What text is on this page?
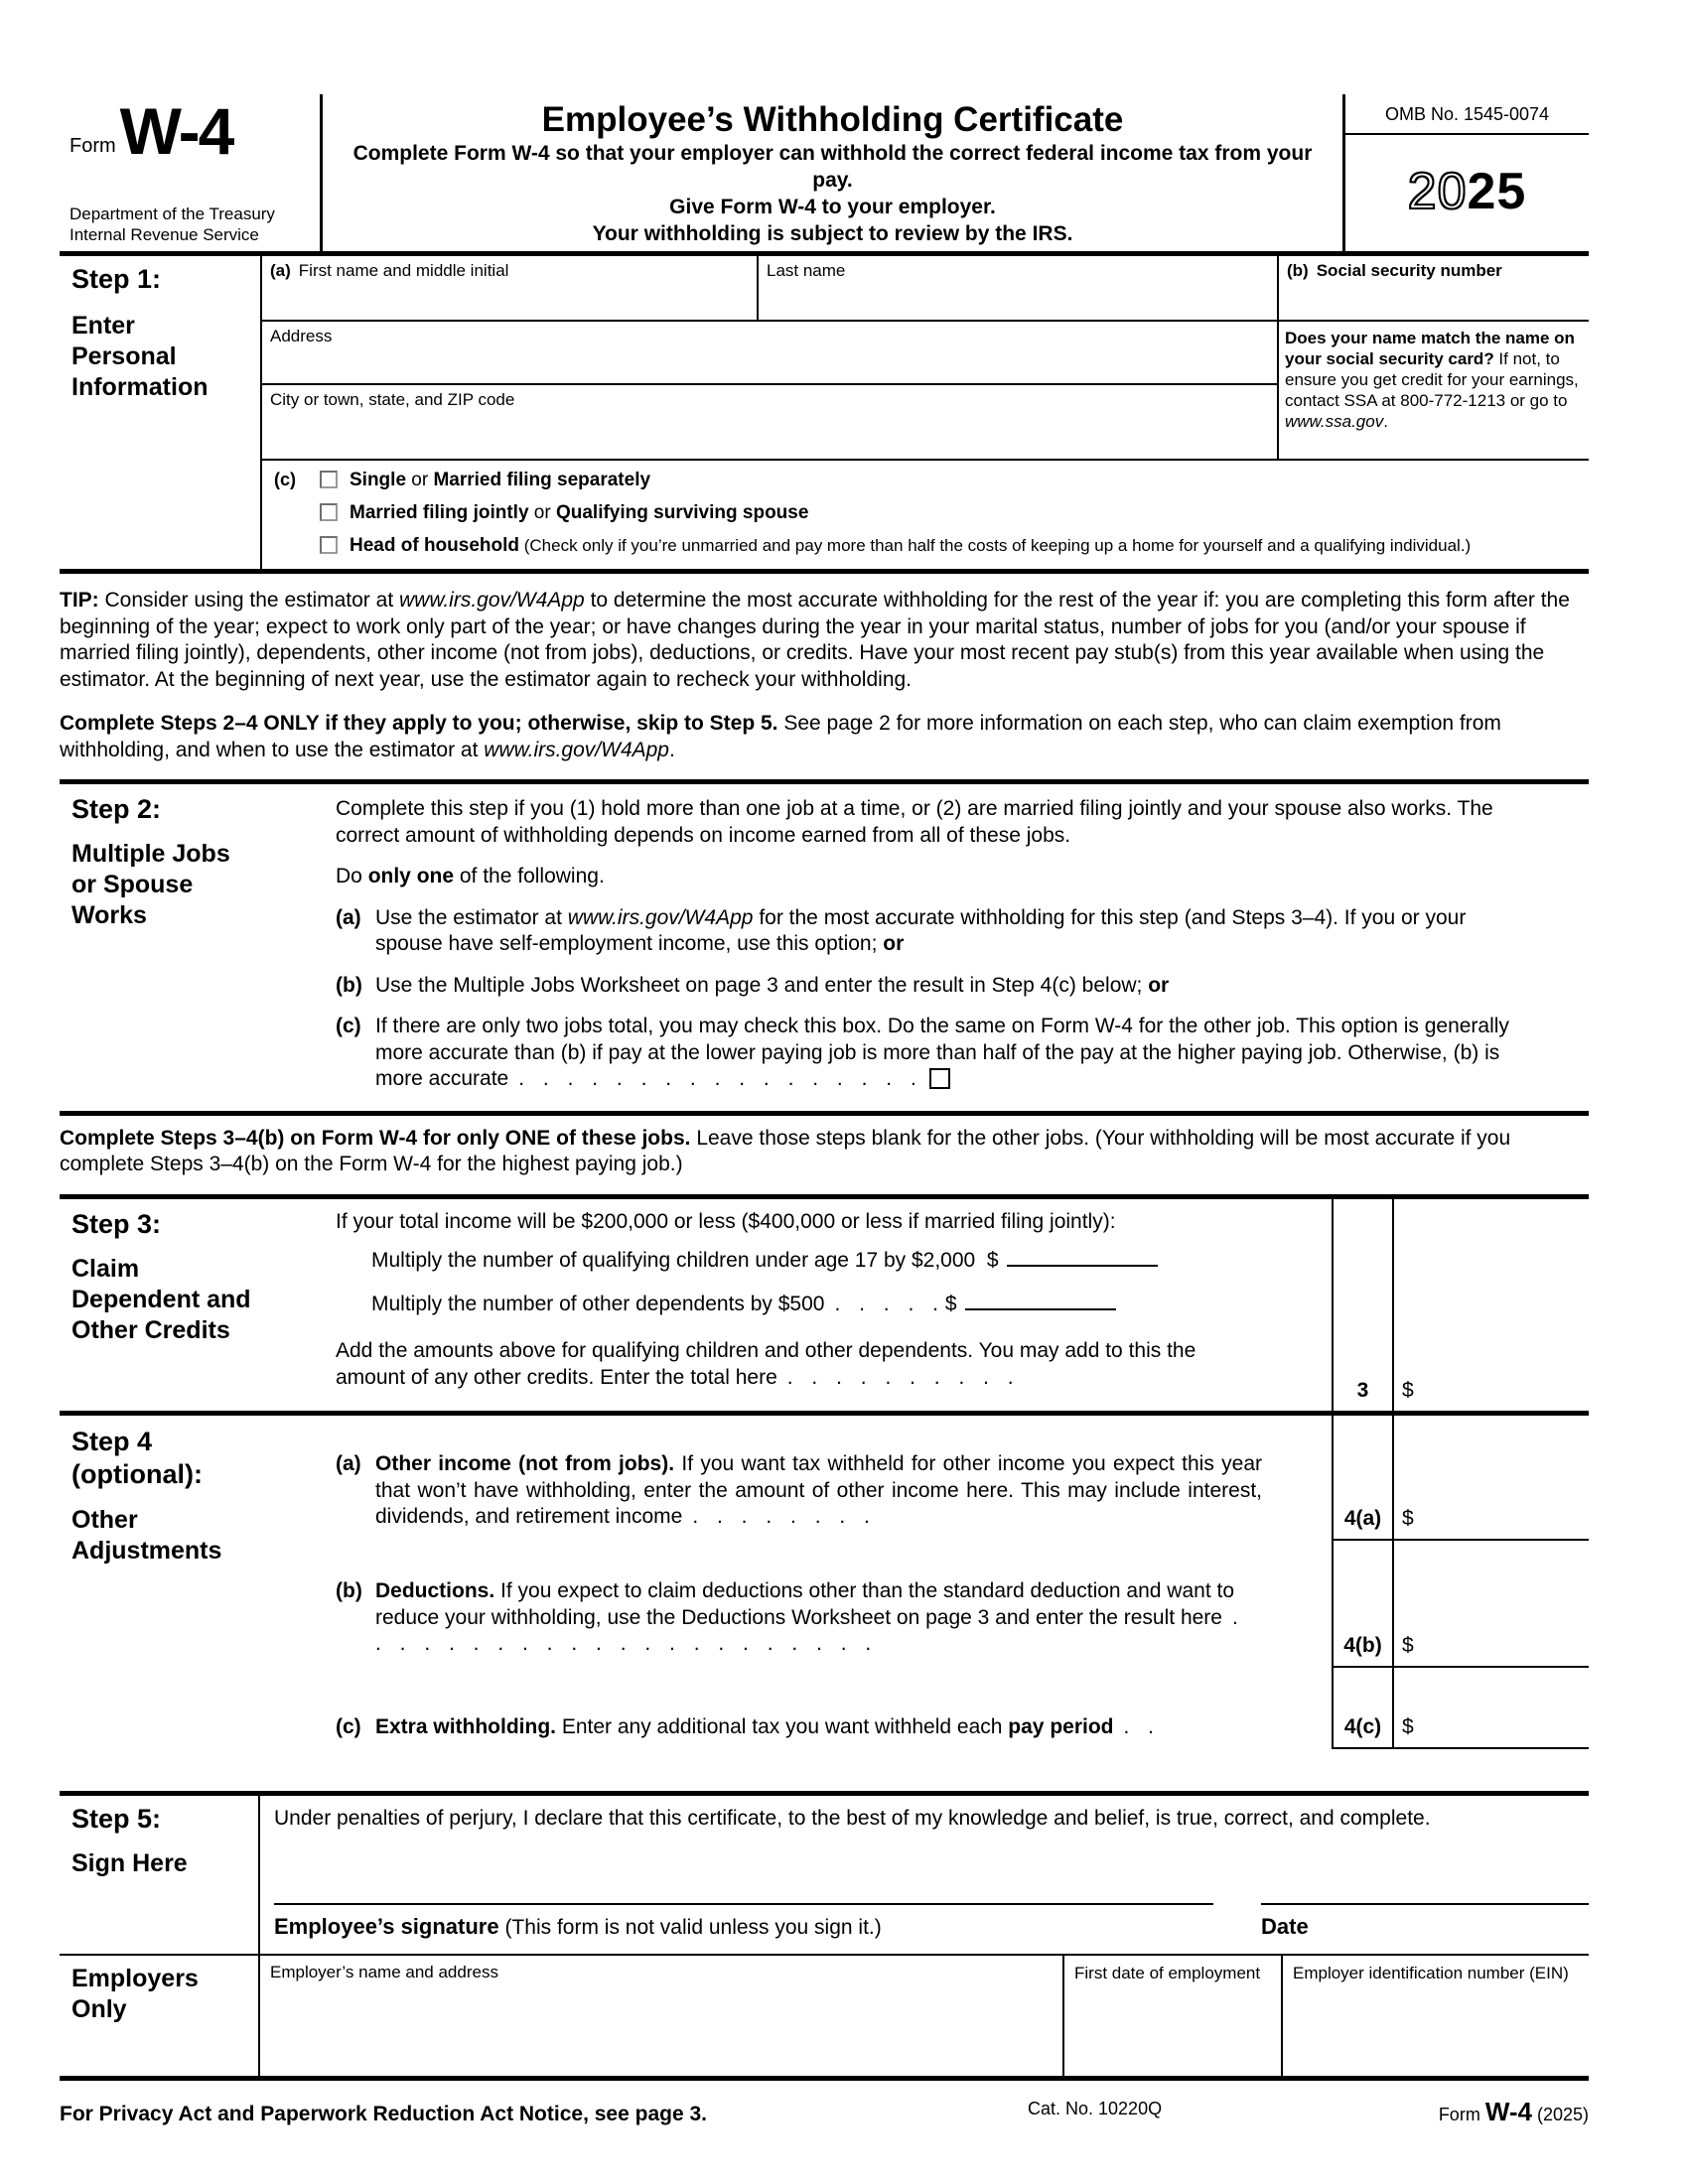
Form W-4
Department of the Treasury
Internal Revenue Service
Employee’s Withholding Certificate
Complete Form W-4 so that your employer can withhold the correct federal income tax from your pay.
Give Form W-4 to your employer.
Your withholding is subject to review by the IRS.
OMB No. 1545-0074
2025
Step 1:
Enter Personal Information
(a) First name and middle initial	Last name	(b) Social security number
Address	Does your name match the name on your social security card? If not, to ensure you get credit for your earnings, contact SSA at 800-772-1213 or go to www.ssa.gov.
City or town, state, and ZIP code
(c)	Single or Married filing separately
Married filing jointly or Qualifying surviving spouse
Head of household (Check only if you’re unmarried and pay more than half the costs of keeping up a home for yourself and a qualifying individual.)
TIP: Consider using the estimator at www.irs.gov/W4App to determine the most accurate withholding for the rest of the year if: you are completing this form after the beginning of the year; expect to work only part of the year; or have changes during the year in your marital status, number of jobs for you (and/or your spouse if married filing jointly), dependents, other income (not from jobs), deductions, or credits. Have your most recent pay stub(s) from this year available when using the estimator. At the beginning of next year, use the estimator again to recheck your withholding.
Complete Steps 2–4 ONLY if they apply to you; otherwise, skip to Step 5. See page 2 for more information on each step, who can claim exemption from withholding, and when to use the estimator at www.irs.gov/W4App.
Step 2:
Multiple Jobs or Spouse Works
Complete this step if you (1) hold more than one job at a time, or (2) are married filing jointly and your spouse also works. The correct amount of withholding depends on income earned from all of these jobs.
Do only one of the following.
(a) Use the estimator at www.irs.gov/W4App for the most accurate withholding for this step (and Steps 3–4). If you or your spouse have self-employment income, use this option; or
(b) Use the Multiple Jobs Worksheet on page 3 and enter the result in Step 4(c) below; or
(c) If there are only two jobs total, you may check this box. Do the same on Form W-4 for the other job. This option is generally more accurate than (b) if pay at the lower paying job is more than half of the pay at the higher paying job. Otherwise, (b) is more accurate . . . . . . . . . . . . . . . . .
Complete Steps 3–4(b) on Form W-4 for only ONE of these jobs. Leave those steps blank for the other jobs. (Your withholding will be most accurate if you complete Steps 3–4(b) on the Form W-4 for the highest paying job.)
Step 3:
Claim Dependent and Other Credits
If your total income will be $200,000 or less ($400,000 or less if married filing jointly):
Multiply the number of qualifying children under age 17 by $2,000 $
Multiply the number of other dependents by $500 . . . . . $
Add the amounts above for qualifying children and other dependents. You may add to this the amount of any other credits. Enter the total here . . . . . . . . . .
3	$
Step 4 (optional):
Other Adjustments
(a) Other income (not from jobs). If you want tax withheld for other income you expect this year that won’t have withholding, enter the amount of other income here. This may include interest, dividends, and retirement income . . . . . . . .	4(a) $
(b) Deductions. If you expect to claim deductions other than the standard deduction and want to reduce your withholding, use the Deductions Worksheet on page 3 and enter the result here . . . . . . . . . . . . . . . . . . . . . .	4(b) $
(c) Extra withholding. Enter any additional tax you want withheld each pay period . .	4(c) $
Step 5:
Sign Here
Under penalties of perjury, I declare that this certificate, to the best of my knowledge and belief, is true, correct, and complete.
Employee’s signature (This form is not valid unless you sign it.)	Date
Employers Only
Employer’s name and address	First date of employment	Employer identification number (EIN)
For Privacy Act and Paperwork Reduction Act Notice, see page 3.	Cat. No. 10220Q	Form W-4 (2025)
